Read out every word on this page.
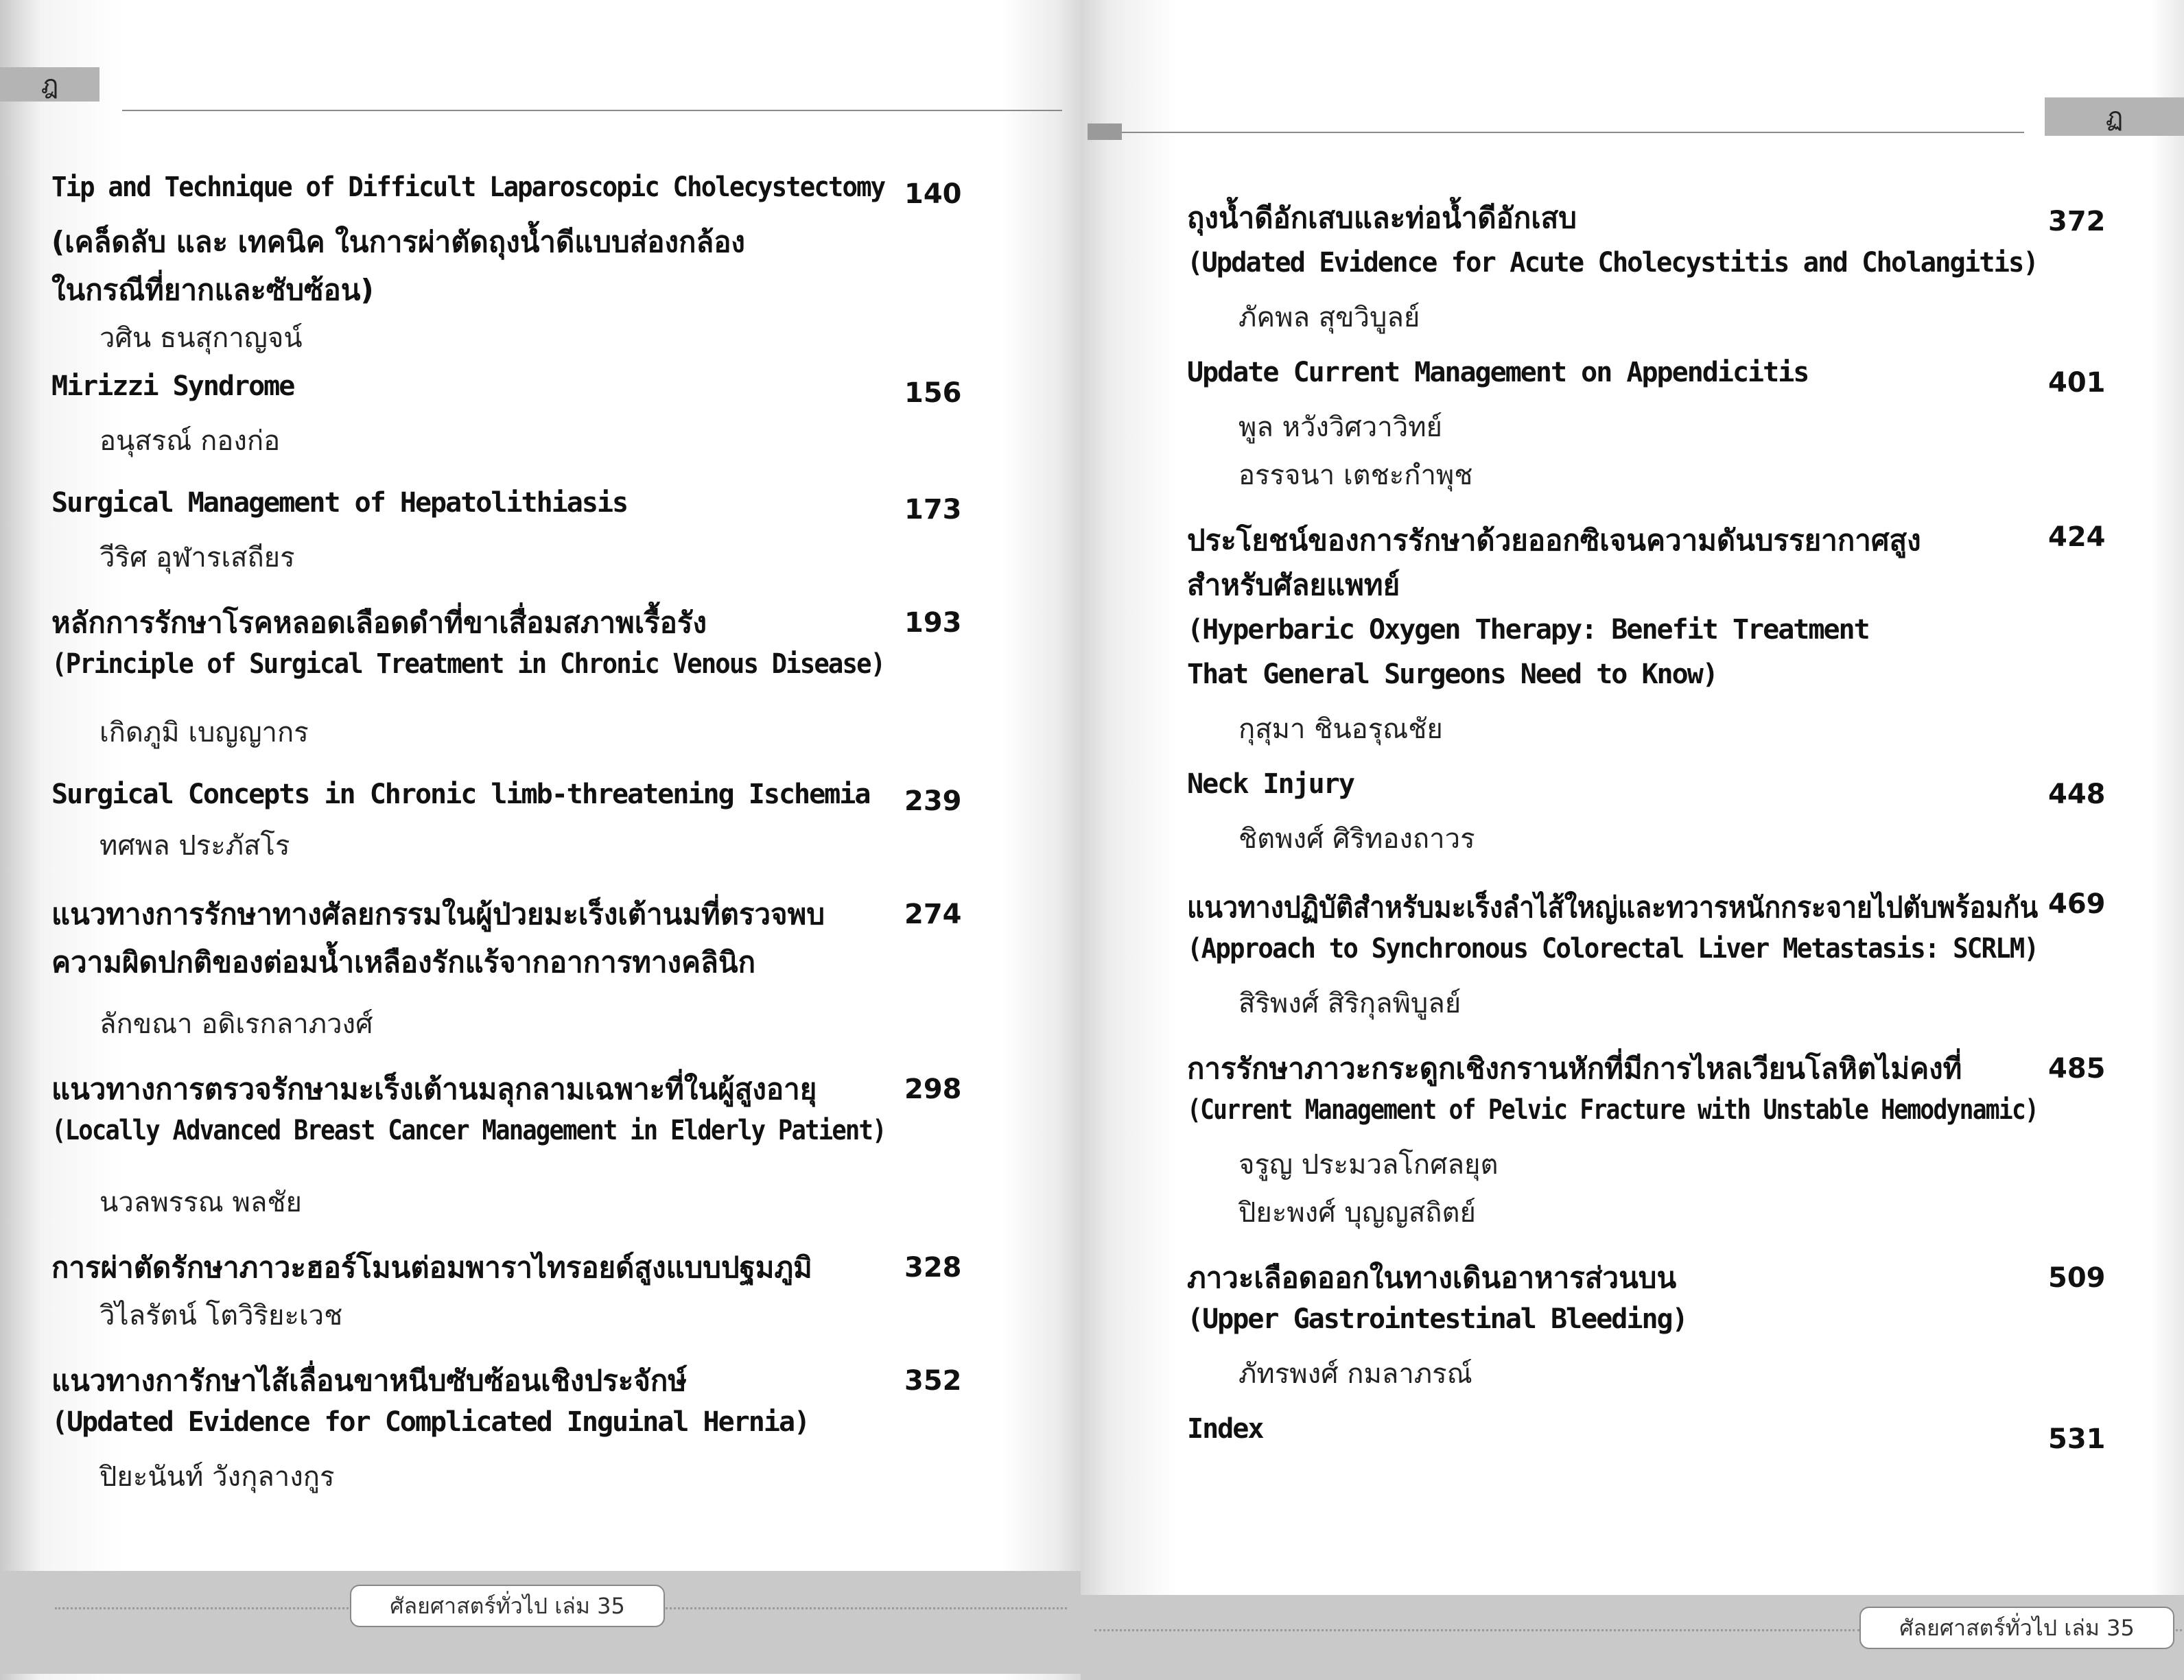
ฎ
Tip and Technique of Difficult Laparoscopic Cholecystectomy
(เคล็ดลับ และ เทคนิค ในการผ่าตัดถุงน้ำดีแบบส่องกล้อง
ในกรณีที่ยากและซับซ้อน)
วศิน ธนสุกาญจน์
140
Mirizzi Syndrome
อนุสรณ์ กองก่อ
156
Surgical Management of Hepatolithiasis
วีริศ อุฬารเสถียร
173
หลักการรักษาโรคหลอดเลือดดำที่ขาเสื่อมสภาพเรื้อรัง
(Principle of Surgical Treatment in Chronic Venous Disease)
เกิดภูมิ เบญญากร
193
Surgical Concepts in Chronic limb-threatening Ischemia
ทศพล ประภัสโร
239
แนวทางการรักษาทางศัลยกรรมในผู้ป่วยมะเร็งเต้านมที่ตรวจพบ
ความผิดปกติของต่อมน้ำเหลืองรักแร้จากอาการทางคลินิก
ลักขณา อดิเรกลาภวงศ์
274
แนวทางการตรวจรักษามะเร็งเต้านมลุกลามเฉพาะที่ในผู้สูงอายุ
(Locally Advanced Breast Cancer Management in Elderly Patient)
นวลพรรณ พลชัย
298
การผ่าตัดรักษาภาวะฮอร์โมนต่อมพาราไทรอยด์สูงแบบปฐมภูมิ
วิไลรัตน์ โตวิริยะเวช
328
แนวทางการักษาไส้เลื่อนขาหนีบซับซ้อนเชิงประจักษ์
(Updated Evidence for Complicated Inguinal Hernia)
ปิยะนันท์ วังกุลางกูร
352
ศัลยศาสตร์ทั่วไป เล่ม 35
ฏ
ถุงน้ำดีอักเสบและท่อน้ำดีอักเสบ
(Updated Evidence for Acute Cholecystitis and Cholangitis)
ภัคพล สุขวิบูลย์
372
Update Current Management on Appendicitis
พูล หวังวิศวาวิทย์
อรรจนา เตชะกำพุช
401
ประโยชน์ของการรักษาด้วยออกซิเจนความดันบรรยากาศสูง
สำหรับศัลยแพทย์
(Hyperbaric Oxygen Therapy: Benefit Treatment
That General Surgeons Need to Know)
กุสุมา ชินอรุณชัย
424
Neck Injury
ชิตพงศ์ ศิริทองถาวร
448
แนวทางปฏิบัติสำหรับมะเร็งลำไส้ใหญ่และทวารหนักกระจายไปตับพร้อมกัน
(Approach to Synchronous Colorectal Liver Metastasis: SCRLM)
สิริพงศ์ สิริกุลพิบูลย์
469
การรักษาภาวะกระดูกเชิงกรานหักที่มีการไหลเวียนโลหิตไม่คงที่
(Current Management of Pelvic Fracture with Unstable Hemodynamic)
จรูญ ประมวลโกศลยุต
ปิยะพงศ์ บุญญสถิตย์
485
ภาวะเลือดออกในทางเดินอาหารส่วนบน
(Upper Gastrointestinal Bleeding)
ภัทรพงศ์ กมลาภรณ์
509
Index	531
ศัลยศาสตร์ทั่วไป เล่ม 35
